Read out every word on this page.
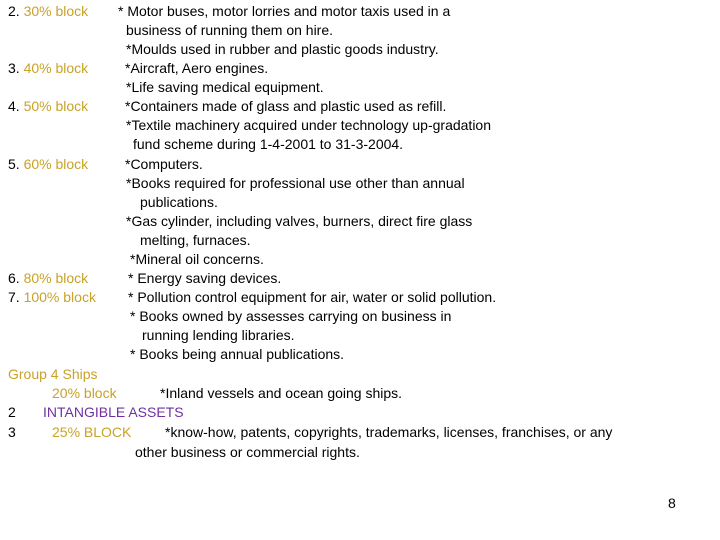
2. 30% block
3. 40% block
4. 50% block
5. 60% block
6. 80% block
7. 100% block
* Motor buses, motor lorries and motor taxis used in a
business of running them on hire.
*Moulds used in rubber and plastic goods industry.
*Aircraft, Aero engines.
*Life saving medical equipment.
*Containers made of glass and plastic used as refill.
*Textile machinery acquired under technology up-gradation
fund scheme during 1-4-2001 to 31-3-2004.
*Computers.
*Books required for professional use other than annual
publications.
*Gas cylinder, including valves, burners, direct fire glass
melting, furnaces.
*Mineral oil concerns.
* Energy saving devices.
* Pollution control equipment for air, water or solid pollution.
* Books owned by assesses carrying on business in
running lending libraries.
* Books being annual publications.
Group 4 Ships
20% block	*Inland vessels and ocean going ships.
2 INTANGIBLE ASSETS
3	25% BLOCK *know-how, patents, copyrights, trademarks, licenses, franchises, or any
other business or commercial rights.
8
